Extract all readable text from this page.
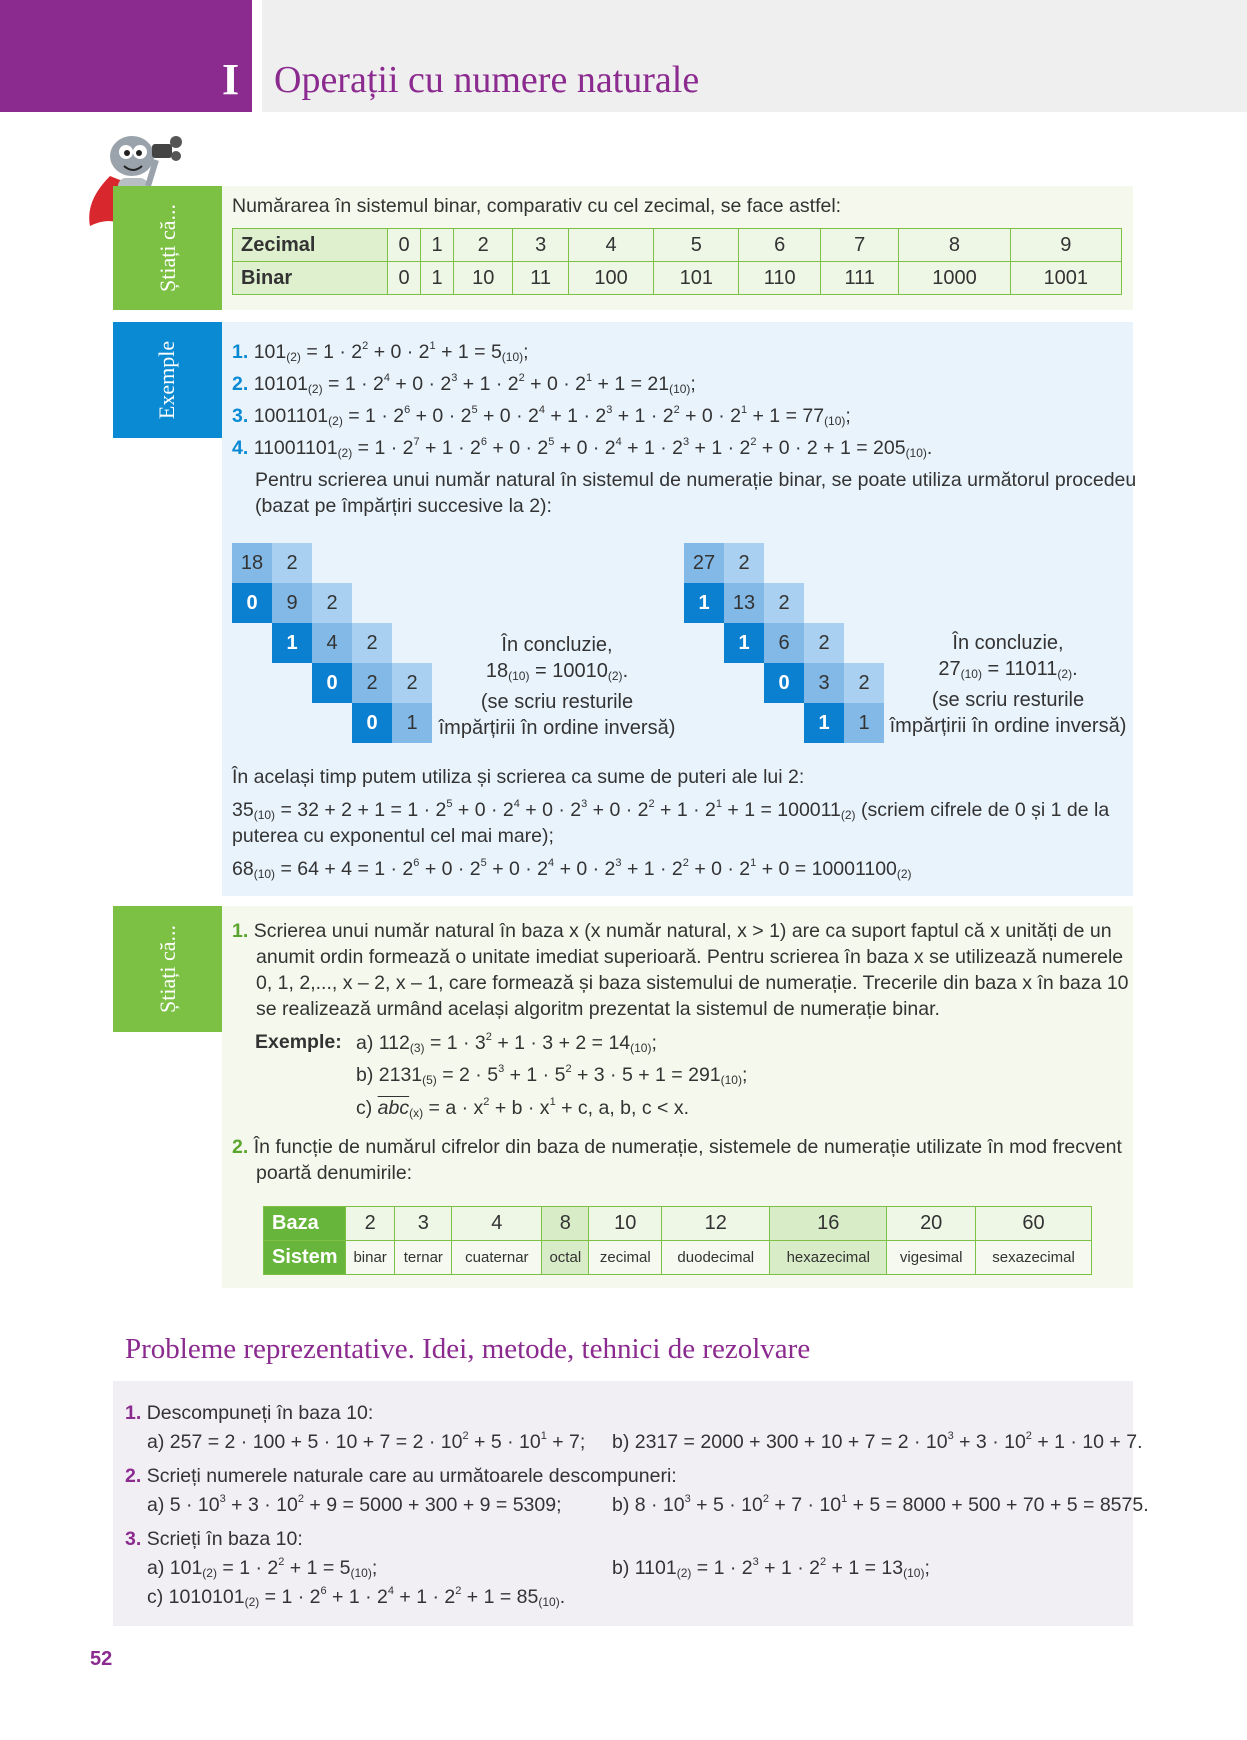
I Operații cu numere naturale
Știați că...	Numărarea în sistemul binar, comparativ cu cel zecimal, se face astfel:
Zecimal	0	1	2	3	4	5	6	7	8	9
Binar	0	1	10	11	100	101	110	111	1000	1001
Exemple	1. $101_{(2)} = 1 \cdot 2^2 + 0 \cdot 2^1 + 1 = 5_{(10)}$;
2. $10101_{(2)} = 1 \cdot 2^4 + 0 \cdot 2^3 + 1 \cdot 2^2 + 0 \cdot 2^1 + 1 = 21_{(10)}$;
3. $1001101_{(2)} = 1 \cdot 2^6 + 0 \cdot 2^5 + 0 \cdot 2^4 + 1 \cdot 2^3 + 1 \cdot 2^2 + 0 \cdot 2^1 + 1 = 77_{(10)}$;
4. $11001101_{(2)} = 1 \cdot 2^7 + 1 \cdot 2^6 + 0 \cdot 2^5 + 0 \cdot 2^4 + 1 \cdot 2^3 + 1 \cdot 2^2 + 0 \cdot 2 + 1 = 205_{(10)}$.
Pentru scrierea unui număr natural în sistemul de numerație binar, se poate utiliza următorul procedeu
(bazat pe împărțiri succesive la 2):
18	2
0	9	2
1	4	2
0	2	2
0	1
În concluzie,
$18_{(10)} = 10010_{(2)}$.
(se scriu resturile
împărțirii în ordine inversă)
27	2
1	13	2
1	6	2
0	3	2
1	1
În concluzie,
$27_{(10)} = 11011_{(2)}$.
(se scriu resturile
împărțirii în ordine inversă)
În același timp putem utiliza și scrierea ca sume de puteri ale lui 2:
$35_{(10)} = 32 + 2 + 1 = 1 \cdot 2^5 + 0 \cdot 2^4 + 0 \cdot 2^3 + 0 \cdot 2^2 + 1 \cdot 2^1 + 1 = 100011_{(2)}$ (scriem cifrele de 0 și 1 de la
puterea cu exponentul cel mai mare);
$68_{(10)} = 64 + 4 = 1 \cdot 2^6 + 0 \cdot 2^5 + 0 \cdot 2^4 + 0 \cdot 2^3 + 1 \cdot 2^2 + 0 \cdot 2^1 + 0 = 10001100_{(2)}$
Știați că...	1. Scrierea unui număr natural în baza x (x număr natural, x > 1) are ca suport faptul că x unități de un
anumit ordin formează o unitate imediat superioară. Pentru scrierea în baza x se utilizează numerele
0, 1, 2,..., x – 2, x – 1, care formează și baza sistemului de numerație. Trecerile din baza x în baza 10
se realizează urmând același algoritm prezentat la sistemul de numerație binar.
Exemple: a) $112_{(3)} = 1 \cdot 3^2 + 1 \cdot 3 + 2 = 14_{(10)}$;
b) $2131_{(5)} = 2 \cdot 5^3 + 1 \cdot 5^2 + 3 \cdot 5 + 1 = 291_{(10)}$;
c) $\overline{abc}_{(x)} = a \cdot x^2 + b \cdot x^1 + c$, a, b, c < x.
2. În funcție de numărul cifrelor din baza de numerație, sistemele de numerație utilizate în mod frecvent
poartă denumirile:
Baza	2	3	4	8	10	12	16	20	60
Sistem	binar	ternar	cuaternar	octal	zecimal	duodecimal	hexazecimal	vigesimal	sexazecimal
Probleme reprezentative. Idei, metode, tehnici de rezolvare
1. Descompuneți în baza 10:
a) $257 = 2 \cdot 100 + 5 \cdot 10 + 7 = 2 \cdot 10^2 + 5 \cdot 10^1 + 7$; b) $2317 = 2000 + 300 + 10 + 7 = 2 \cdot 10^3 + 3 \cdot 10^2 + 1 \cdot 10 + 7$.
2. Scrieți numerele naturale care au următoarele descompuneri:
a) $5 \cdot 10^3 + 3 \cdot 10^2 + 9 = 5000 + 300 + 9 = 5309$;	b) $8 \cdot 10^3 + 5 \cdot 10^2 + 7 \cdot 10^1 + 5 = 8000 + 500 + 70 + 5 = 8575$.
3. Scrieți în baza 10:
a) $101_{(2)} = 1 \cdot 2^2 + 1 = 5_{(10)}$;	b) $1101_{(2)} = 1 \cdot 2^3 + 1 \cdot 2^2 + 1 = 13_{(10)}$;
c) $1010101_{(2)} = 1 \cdot 2^6 + 1 \cdot 2^4 + 1 \cdot 2^2 + 1 = 85_{(10)}$.
52
